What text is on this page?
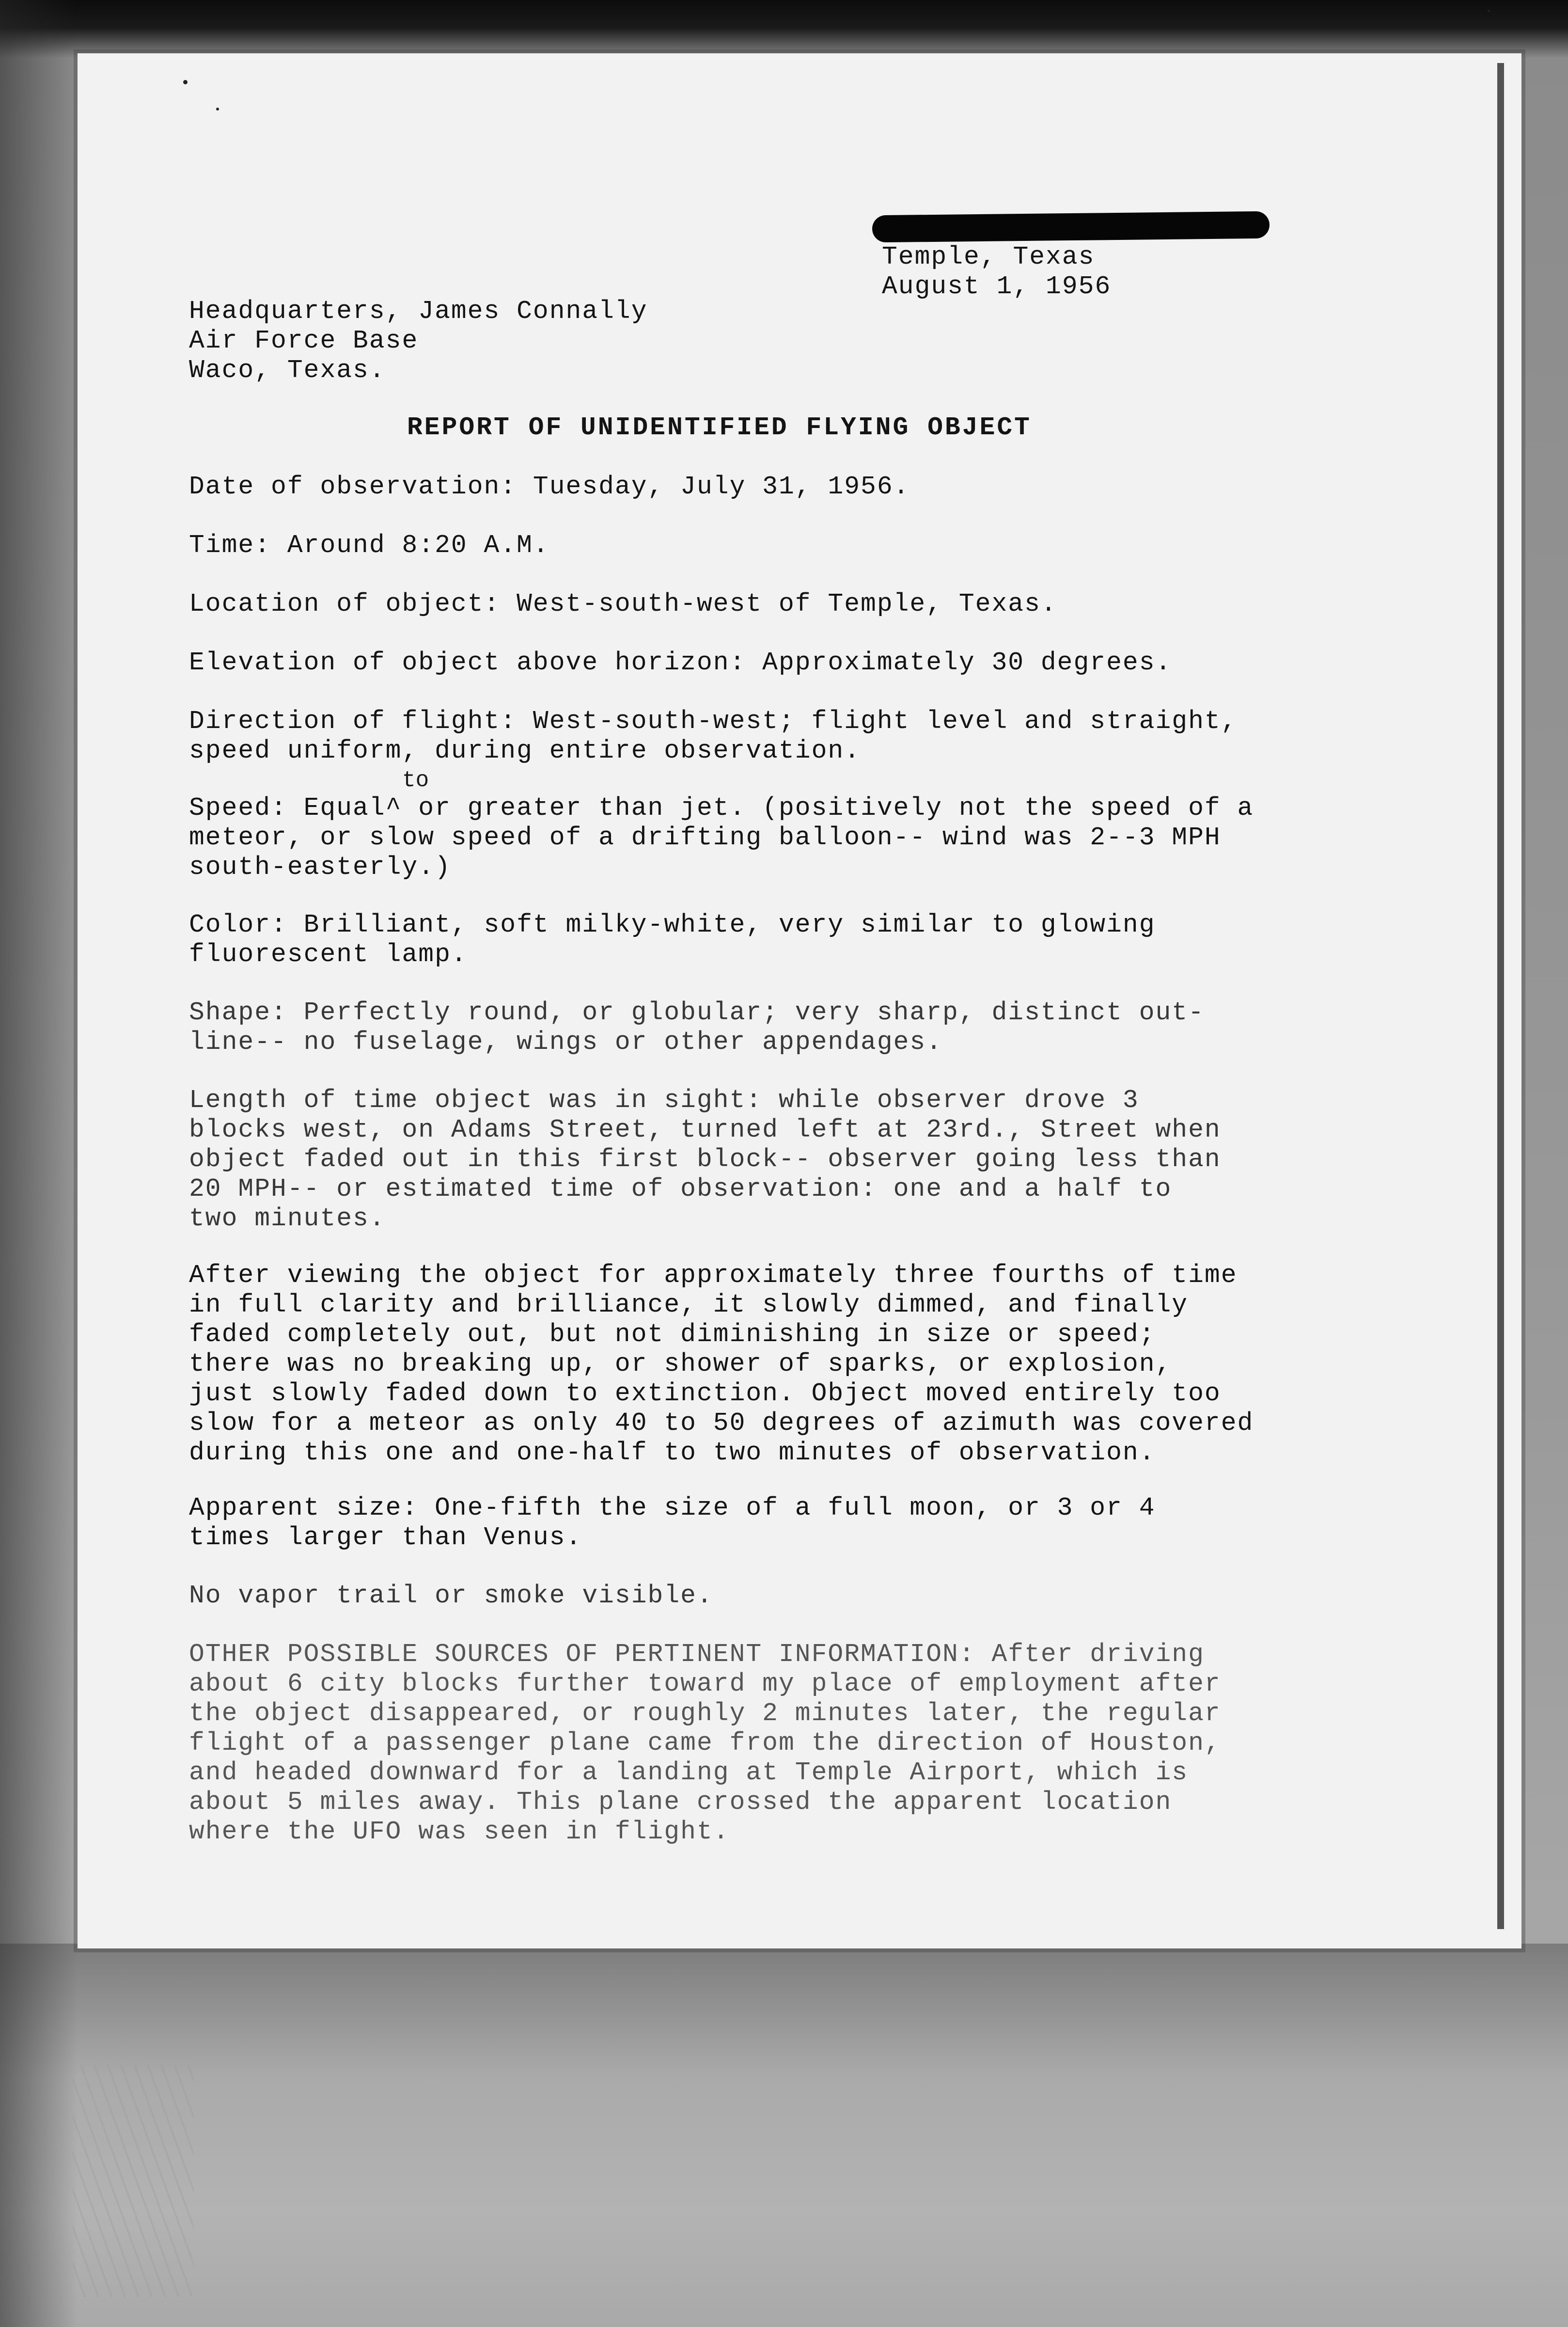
Temple, Texas
August 1, 1956
Headquarters, James Connally
Air Force Base
Waco, Texas.
REPORT OF UNIDENTIFIED FLYING OBJECT
Date of observation: Tuesday, July 31, 1956.
Time: Around 8:20 A.M.
Location of object: West-south-west of Temple, Texas.
Elevation of object above horizon: Approximately 30 degrees.
Direction of flight: West-south-west; flight level and straight,
speed uniform, during entire observation.
to
Speed: Equal^ or greater than jet. (positively not the speed of a
meteor, or slow speed of a drifting balloon-- wind was 2--3 MPH
south-easterly.)
Color: Brilliant, soft milky-white, very similar to glowing
fluorescent lamp.
Shape: Perfectly round, or globular; very sharp, distinct out-
line-- no fuselage, wings or other appendages.
Length of time object was in sight: while observer drove 3
blocks west, on Adams Street, turned left at 23rd., Street when
object faded out in this first block-- observer going less than
20 MPH-- or estimated time of observation: one and a half to
two minutes.
After viewing the object for approximately three fourths of time
in full clarity and brilliance, it slowly dimmed, and finally
faded completely out, but not diminishing in size or speed;
there was no breaking up, or shower of sparks, or explosion,
just slowly faded down to extinction. Object moved entirely too
slow for a meteor as only 40 to 50 degrees of azimuth was covered
during this one and one-half to two minutes of observation.
Apparent size: One-fifth the size of a full moon, or 3 or 4
times larger than Venus.
No vapor trail or smoke visible.
OTHER POSSIBLE SOURCES OF PERTINENT INFORMATION: After driving
about 6 city blocks further toward my place of employment after
the object disappeared, or roughly 2 minutes later, the regular
flight of a passenger plane came from the direction of Houston,
and headed downward for a landing at Temple Airport, which is
about 5 miles away. This plane crossed the apparent location
where the UFO was seen in flight.
